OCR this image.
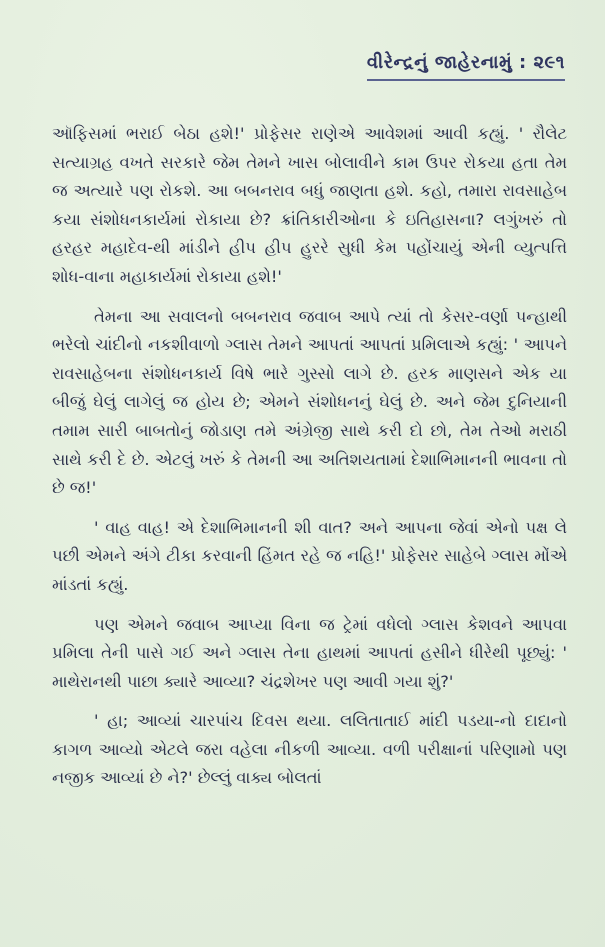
વીરેન્દ્રનું જાહેરનામું : ૨૯૧

ઑફિસમાં ભરાઈ બેઠા હશે!' પ્રોફેસર રાણેએ આવેશમાં આવી કહ્યું. ' રૌલેટ સત્યાગ્રહ વખતે સરકારે જેમ તેમને ખાસ બોલાવીને કામ ઉપર રોકયા હતા તેમ જ અત્યારે પણ રોકશે. આ બબનરાવ બધું જાણતા હશે. કહો, તમારા રાવસાહેબ કયા સંશોધનકાર્યમાં રોકાયા છે? ક્રાંતિકારીઓના કે ઇતિહાસના? લગુંખરું તો હરહર મહાદેવ-થી માંડીને હીપ હીપ હુરરે સુધી કેમ પહોંચાયું એની વ્યુત્પત્તિ શોધ-વાના મહાકાર્યમાં રોકાયા હશે!'

તેમના આ સવાલનો બબનરાવ જવાબ આપે ત્યાં તો કેસર-વર્ણા પન્હાથી ભરેલો ચાંદીનો નકશીવાળો ગ્લાસ તેમને આપતાં આપતાં પ્રમિલાએ કહ્યું: ' આપને રાવસાહેબના સંશોધનકાર્ય વિષે ભારે ગુસ્સો લાગે છે. હરક માણસને એક યા બીજું ઘેલું લાગેલું જ હોય છે; એમને સંશોધનનું ઘેલું છે. અને જેમ દુનિયાની તમામ સારી બાબતોનું જોડાણ તમે અંગ્રેજી સાથે કરી દો છો, તેમ તેઓ મરાઠી સાથે કરી દે છે. એટલું ખરું કે તેમની આ અતિશયતામાં દેશાભિમાનની ભાવના તો છે જ!'

' વાહ વાહ! એ દેશાભિમાનની શી વાત? અને આપના જેવાં એનો પક્ષ લે પછી એમને અંગે ટીકા કરવાની હિંમત રહે જ નહિ!' પ્રોફેસર સાહેબે ગ્લાસ મોંએ માંડતાં કહ્યું.

પણ એમને જવાબ આપ્યા વિના જ ટ્રેમાં વધેલો ગ્લાસ કેશવને આપવા પ્રમિલા તેની પાસે ગઈ અને ગ્લાસ તેના હાથમાં આપતાં હસીને ધીરેથી પૂછ્યું: ' માથેરાનથી પાછા ક્યારે આવ્યા? ચંદ્રશેખર પણ આવી ગયા શું?'

' હા; આવ્યાં ચારપાંચ દિવસ થયા. લલિતાતાઈ માંદી પડયા-નો દાદાનો કાગળ આવ્યો એટલે જરા વહેલા નીકળી આવ્યા. વળી પરીક્ષાનાં પરિણામો પણ નજીક આવ્યાં છે ને?' છેલ્લું વાક્ય બોલતાં
